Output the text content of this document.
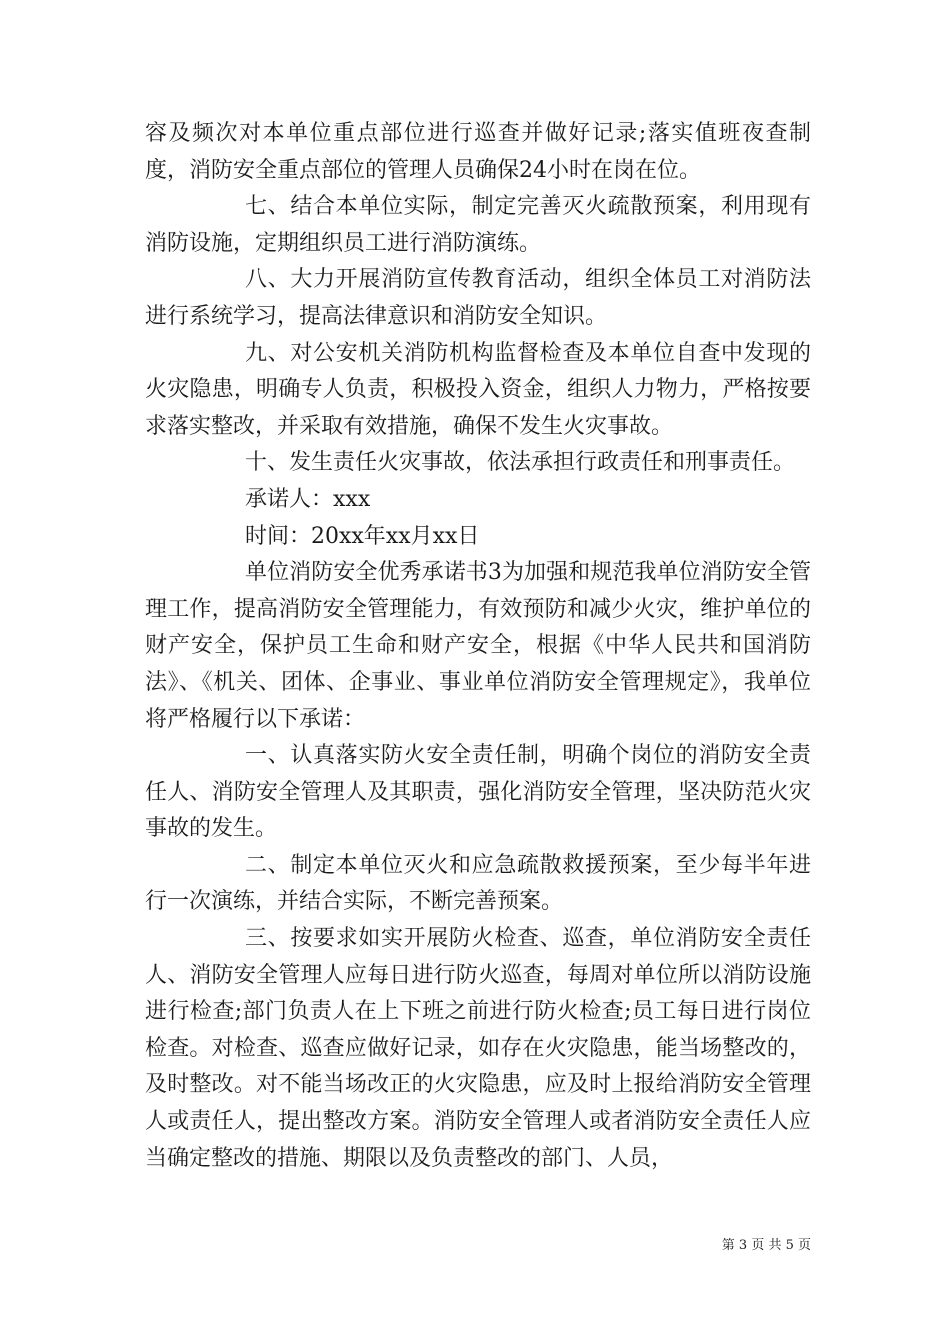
容及频次对本单位重点部位进行巡查并做好记录;落实值班夜查制度，消防安全重点部位的管理人员确保24小时在岗在位。

七、结合本单位实际，制定完善灭火疏散预案，利用现有消防设施，定期组织员工进行消防演练。

八、大力开展消防宣传教育活动，组织全体员工对消防法进行系统学习，提高法律意识和消防安全知识。

九、对公安机关消防机构监督检查及本单位自查中发现的火灾隐患，明确专人负责，积极投入资金，组织人力物力，严格按要求落实整改，并采取有效措施，确保不发生火灾事故。

十、发生责任火灾事故，依法承担行政责任和刑事责任。

承诺人：xxx

时间：20xx年xx月xx日

单位消防安全优秀承诺书3为加强和规范我单位消防安全管理工作，提高消防安全管理能力，有效预防和减少火灾，维护单位的财产安全，保护员工生命和财产安全，根据《中华人民共和国消防法》、《机关、团体、企事业、事业单位消防安全管理规定》，我单位将严格履行以下承诺：

一、认真落实防火安全责任制，明确个岗位的消防安全责任人、消防安全管理人及其职责，强化消防安全管理，坚决防范火灾事故的发生。

二、制定本单位灭火和应急疏散救援预案，至少每半年进行一次演练，并结合实际，不断完善预案。

三、按要求如实开展防火检查、巡查，单位消防安全责任人、消防安全管理人应每日进行防火巡查，每周对单位所以消防设施进行检查;部门负责人在上下班之前进行防火检查;员工每日进行岗位检查。对检查、巡查应做好记录，如存在火灾隐患，能当场整改的，及时整改。对不能当场改正的火灾隐患，应及时上报给消防安全管理人或责任人，提出整改方案。消防安全管理人或者消防安全责任人应当确定整改的措施、期限以及负责整改的部门、人员，

第 3 页 共 5 页
